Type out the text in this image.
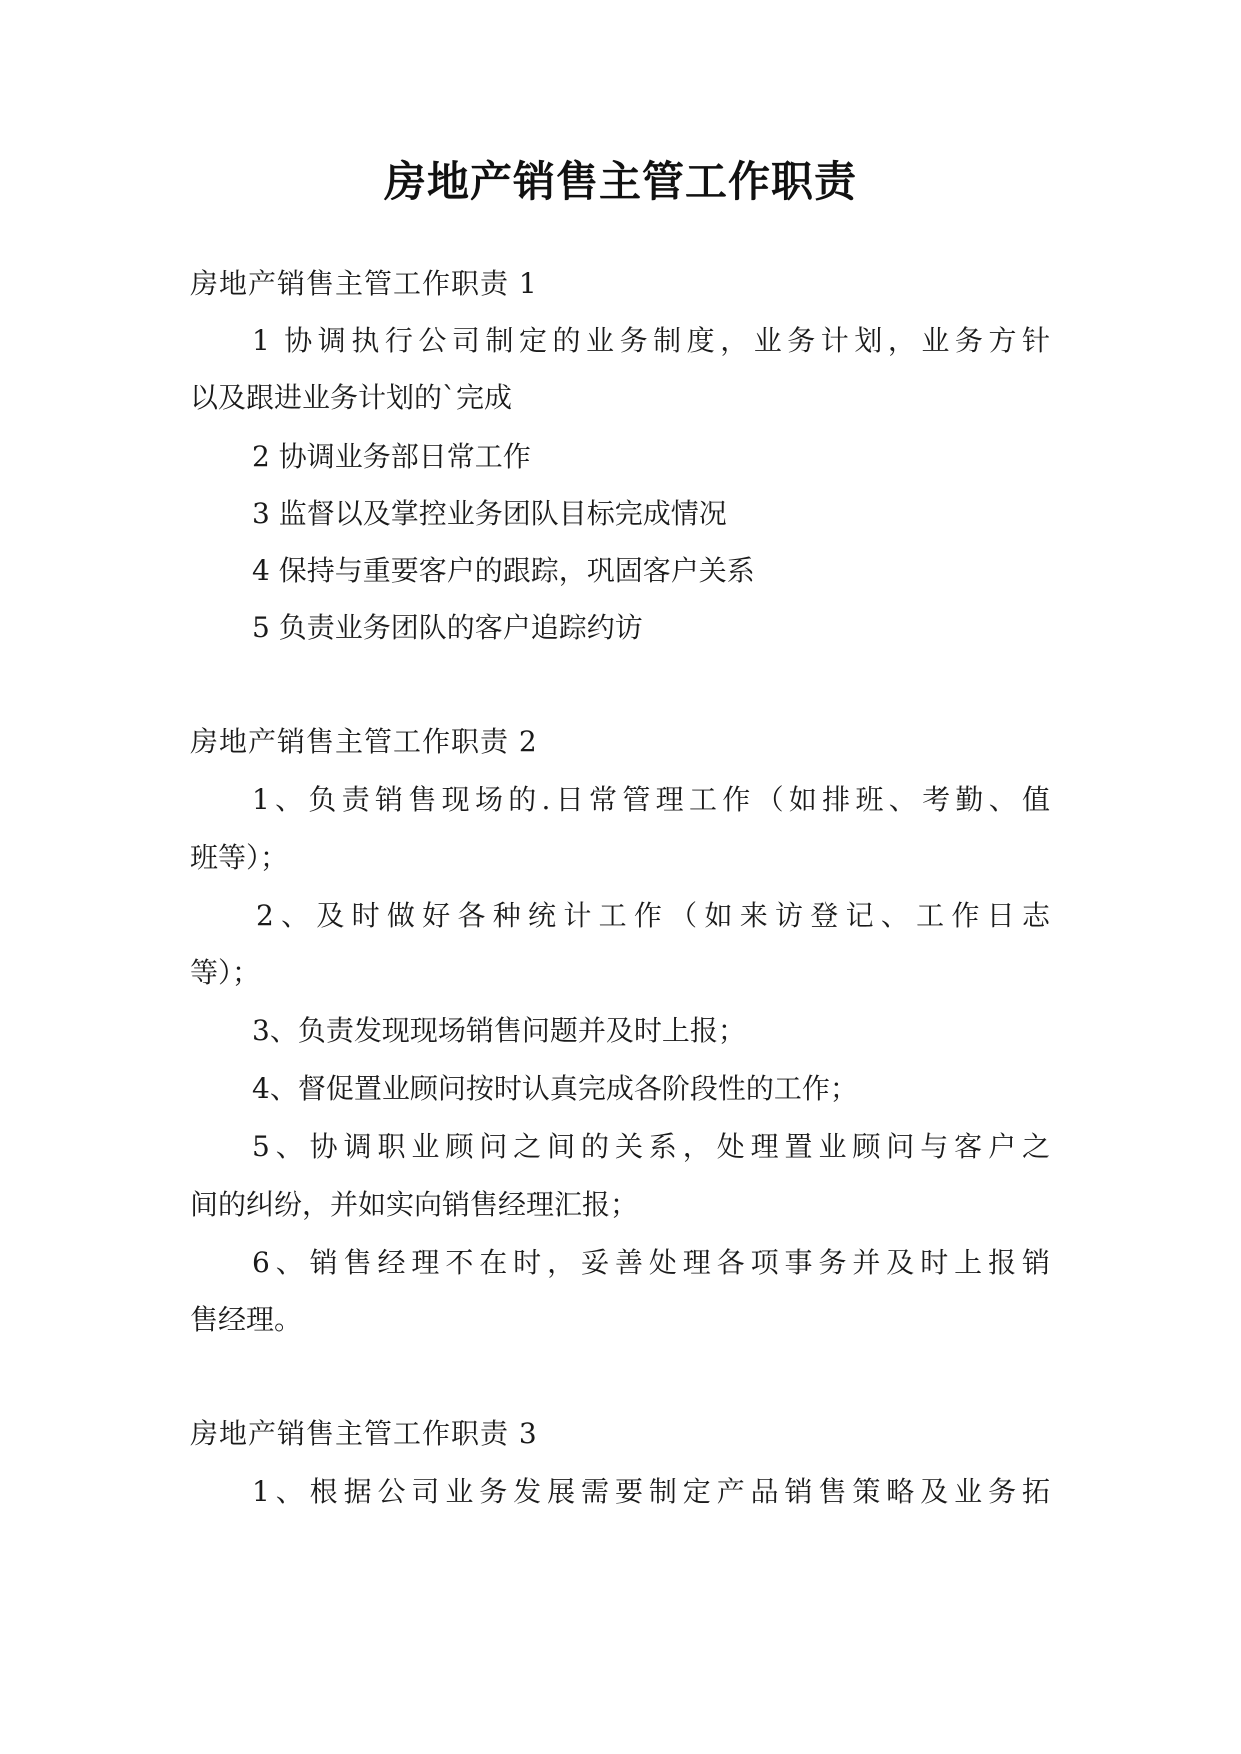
房地产销售主管工作职责

房地产销售主管工作职责 1

1 协调执行公司制定的业务制度，业务计划，业务方针

以及跟进业务计划的`完成

2 协调业务部日常工作

3 监督以及掌控业务团队目标完成情况

4 保持与重要客户的跟踪，巩固客户关系

5 负责业务团队的客户追踪约访

房地产销售主管工作职责 2

1、负责销售现场的.日常管理工作（如排班、考勤、值

班等）；

2、及时做好各种统计工作（如来访登记、工作日志

等）；

3、负责发现现场销售问题并及时上报；

4、督促置业顾问按时认真完成各阶段性的工作；

5、协调职业顾问之间的关系，处理置业顾问与客户之

间的纠纷，并如实向销售经理汇报；

6、销售经理不在时，妥善处理各项事务并及时上报销

售经理。

房地产销售主管工作职责 3

1、根据公司业务发展需要制定产品销售策略及业务拓
